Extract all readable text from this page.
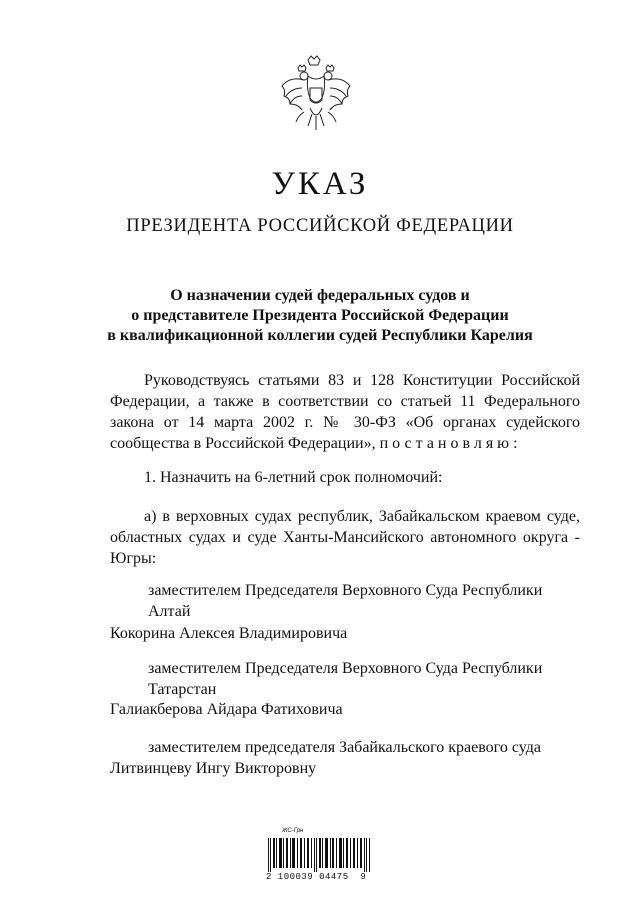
УКАЗ
ПРЕЗИДЕНТА РОССИЙСКОЙ ФЕДЕРАЦИИ
О назначении судей федеральных судов и
о представителе Президента Российской Федерации
в квалификационной коллегии судей Республики Карелия
Руководствуясь статьями 83 и 128 Конституции Российской Федерации, а также в соответствии со статьей 11 Федерального закона от 14 марта 2002 г. № 30-ФЗ «Об органах судейского сообщества в Российской Федерации», постановляю:
1. Назначить на 6-летний срок полномочий:
а) в верховных судах республик, Забайкальском краевом суде, областных судах и суде Ханты-Мансийского автономного округа - Югры:
заместителем Председателя Верховного Суда Республики Алтай
Кокорина Алексея Владимировича
заместителем Председателя Верховного Суда Республики Татарстан
Галиакберова Айдара Фатиховича
заместителем председателя Забайкальского краевого суда
Литвинцеву Ингу Викторовну
ЖС-Грн
2 100039 04475  9
